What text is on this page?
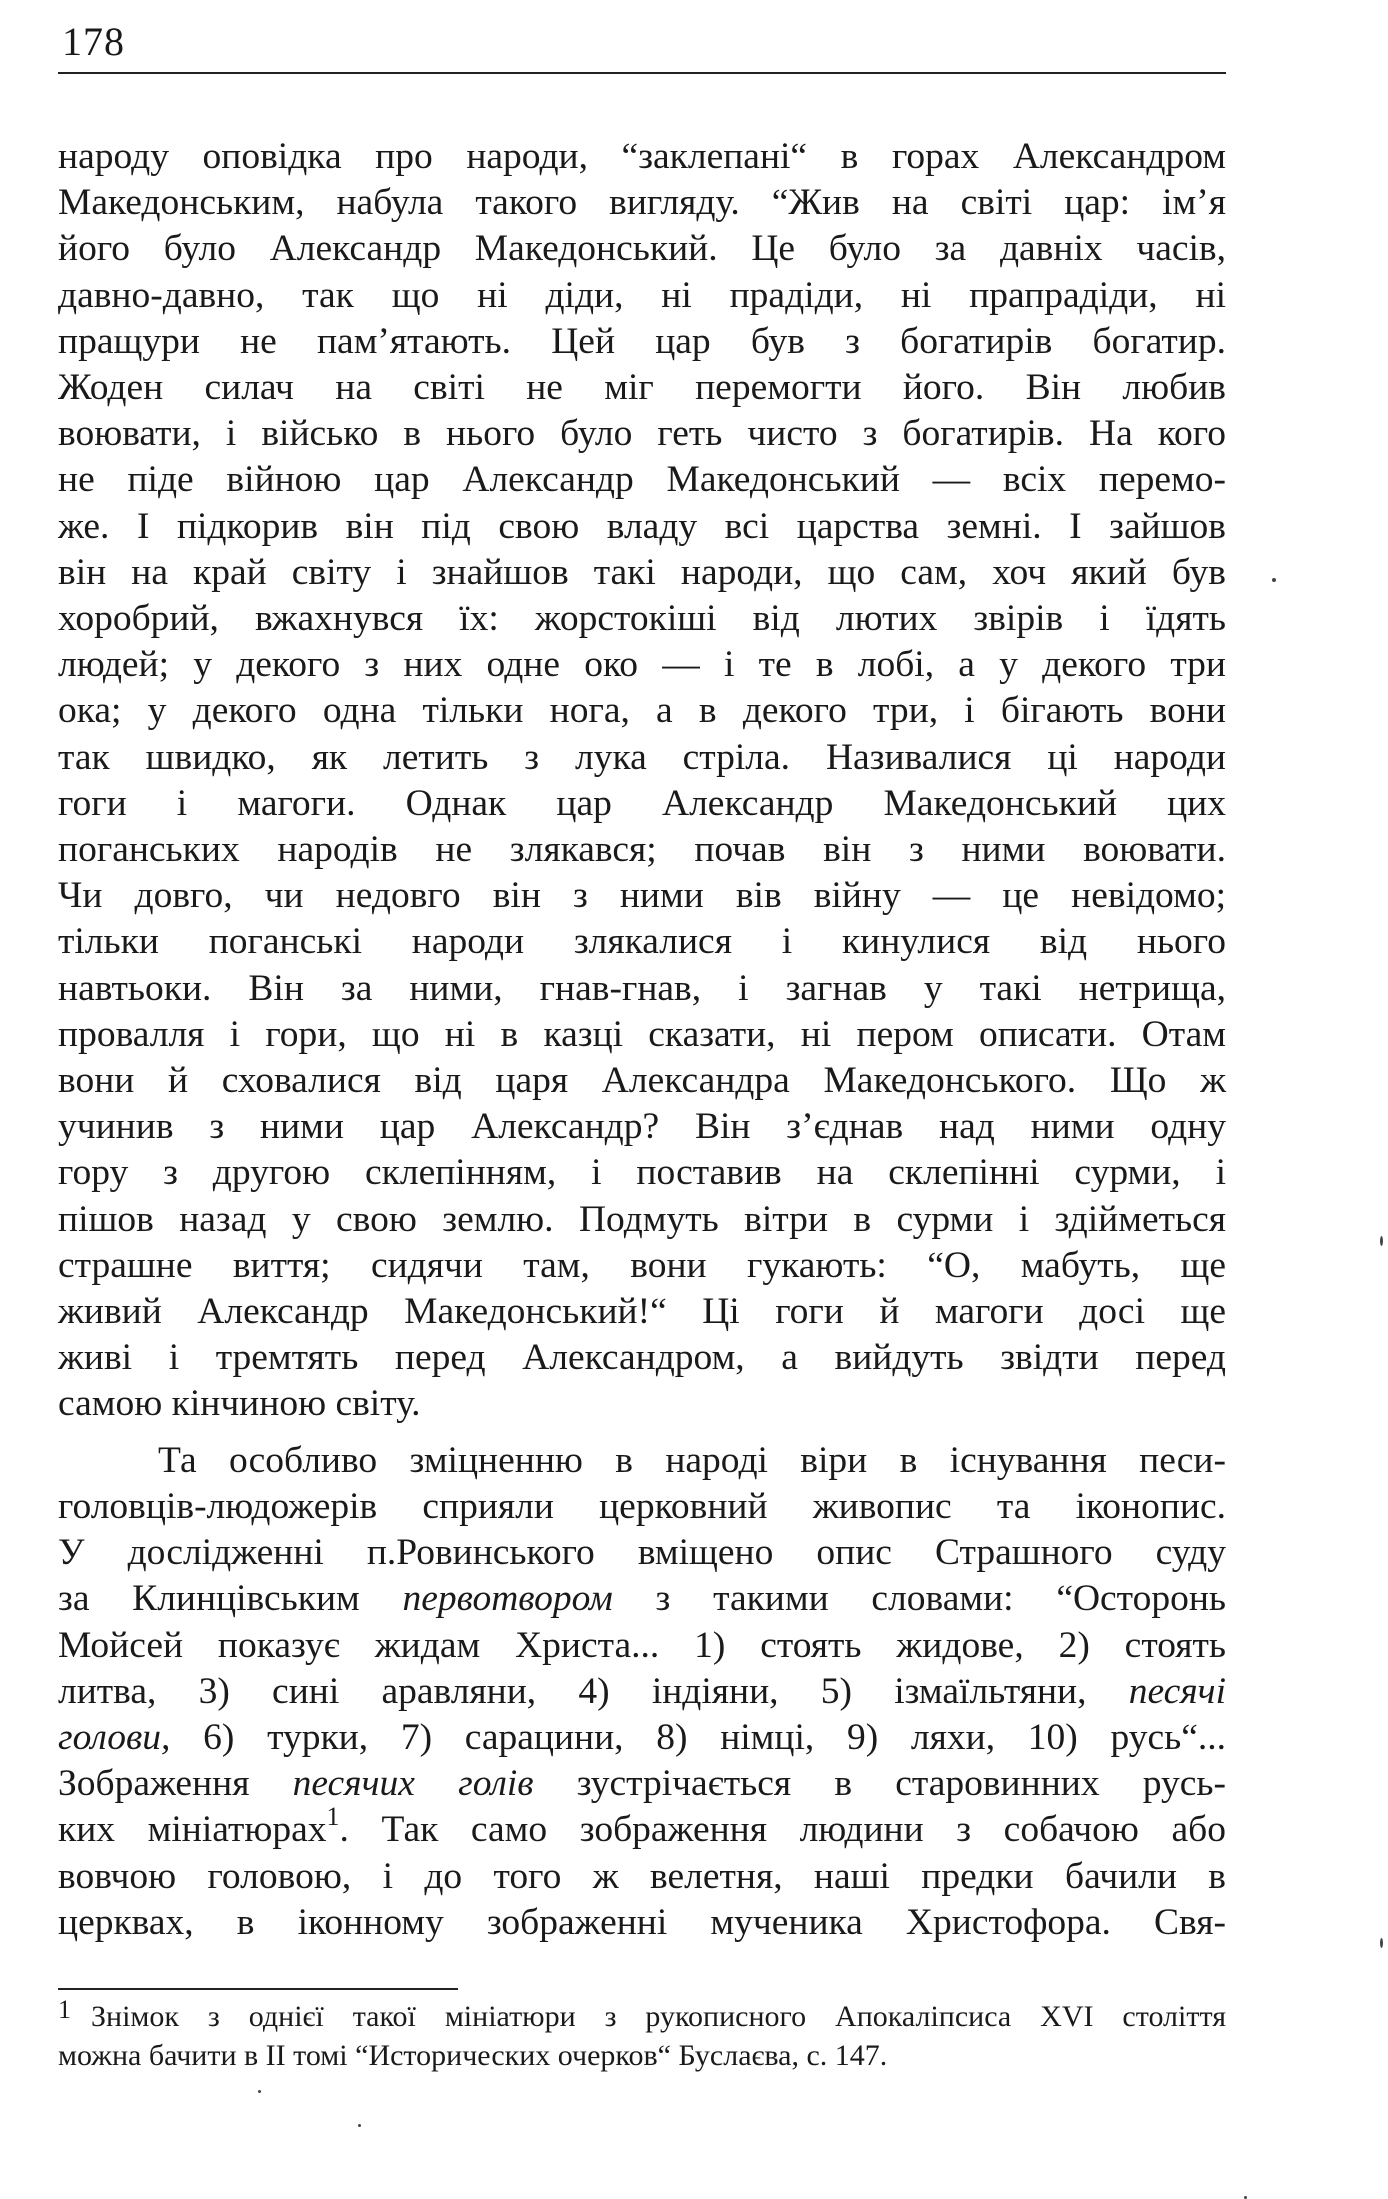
178

народу оповідка про народи, “заклепані“ в горах Александром
Македонським, набула такого вигляду. “Жив на світі цар: ім’я
його було Александр Македонський. Це було за давніх часів,
давно-давно, так що ні діди, ні прадіди, ні прапрадіди, ні
пращури не пам’ятають. Цей цар був з богатирів богатир.
Жоден силач на світі не міг перемогти його. Він любив
воювати, і військо в нього було геть чисто з богатирів. На кого
не піде війною цар Александр Македонський — всіх перемо-
же. І підкорив він під свою владу всі царства земні. І зайшов
він на край світу і знайшов такі народи, що сам, хоч який був
хоробрий, вжахнувся їх: жорстокіші від лютих звірів і їдять
людей; у декого з них одне око — і те в лобі, а у декого три
ока; у декого одна тільки нога, а в декого три, і бігають вони
так швидко, як летить з лука стріла. Називалися ці народи
гоги і магоги. Однак цар Александр Македонський цих
поганських народів не злякався; почав він з ними воювати.
Чи довго, чи недовго він з ними вів війну — це невідомо;
тільки поганські народи злякалися і кинулися від нього
навтьоки. Він за ними, гнав-гнав, і загнав у такі нетрища,
провалля і гори, що ні в казці сказати, ні пером описати. Отам
вони й сховалися від царя Александра Македонського. Що ж
учинив з ними цар Александр? Він з’єднав над ними одну
гору з другою склепінням, і поставив на склепінні сурми, і
пішов назад у свою землю. Подмуть вітри в сурми і здійметься
страшне виття; сидячи там, вони гукають: “О, мабуть, ще
живий Александр Македонський!“ Ці гоги й магоги досі ще
живі і тремтять перед Александром, а вийдуть звідти перед
самою кінчиною світу.

Та особливо зміцненню в народі віри в існування песи-
головців-людожерів сприяли церковний живопис та іконопис.
У дослідженні п.Ровинського вміщено опис Страшного суду
за Клинцівським первотвором з такими словами: “Осторонь
Мойсей показує жидам Христа... 1) стоять жидове, 2) стоять
литва, 3) сині аравляни, 4) індіяни, 5) ізмаїльтяни, песячі
голови, 6) турки, 7) сарацини, 8) німці, 9) ляхи, 10) русь“...
Зображення песячих голів зустрічається в старовинних русь-
ких мініатюрах$^1$. Так само зображення людини з собачою або
вовчою головою, і до того ж велетня, наші предки бачили в
церквах, в іконному зображенні мученика Христофора. Свя-

1 Знімок з однієї такої мініатюри з рукописного Апокаліпсиса XVI століття
можна бачити в II томі “Исторических очерков“ Буслаєва, с. 147.
